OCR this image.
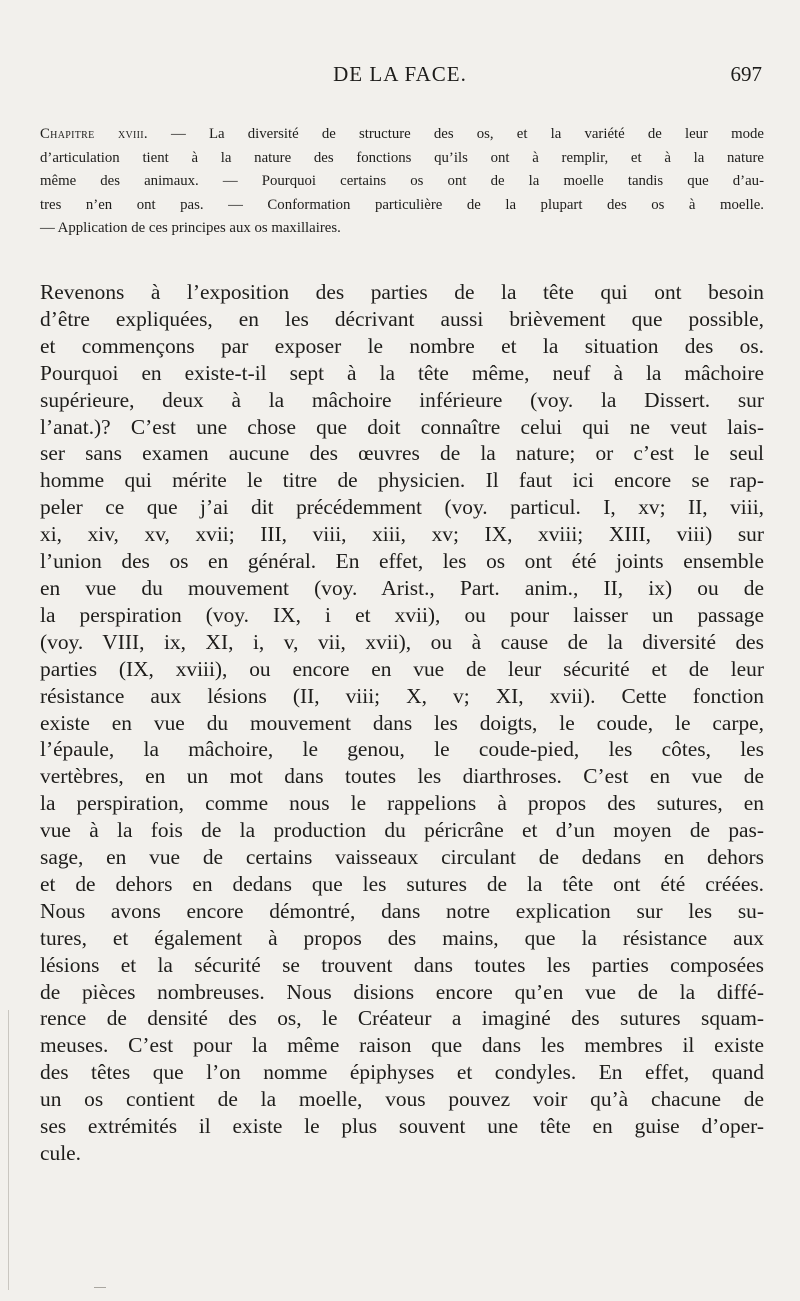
DE LA FACE.	697
Chapitre xviii. — La diversité de structure des os, et la variété de leur mode
d’articulation tient à la nature des fonctions qu’ils ont à remplir, et à la nature
même des animaux. — Pourquoi certains os ont de la moelle tandis que d’au-
tres n’en ont pas. — Conformation particulière de la plupart des os à moelle.
— Application de ces principes aux os maxillaires.
Revenons à l’exposition des parties de la tête qui ont besoin
d’être expliquées, en les décrivant aussi brièvement que possible,
et commençons par exposer le nombre et la situation des os.
Pourquoi en existe-t-il sept à la tête même, neuf à la mâchoire
supérieure, deux à la mâchoire inférieure (voy. la Dissert. sur
l’anat.)? C’est une chose que doit connaître celui qui ne veut lais-
ser sans examen aucune des œuvres de la nature; or c’est le seul
homme qui mérite le titre de physicien. Il faut ici encore se rap-
peler ce que j’ai dit précédemment (voy. particul. I, xv; II, viii,
xi, xiv, xv, xvii; III, viii, xiii, xv; IX, xviii; XIII, viii) sur
l’union des os en général. En effet, les os ont été joints ensemble
en vue du mouvement (voy. Arist., Part. anim., II, ix) ou de
la perspiration (voy. IX, i et xvii), ou pour laisser un passage
(voy. VIII, ix, XI, i, v, vii, xvii), ou à cause de la diversité des
parties (IX, xviii), ou encore en vue de leur sécurité et de leur
résistance aux lésions (II, viii; X, v; XI, xvii). Cette fonction
existe en vue du mouvement dans les doigts, le coude, le carpe,
l’épaule, la mâchoire, le genou, le coude-pied, les côtes, les
vertèbres, en un mot dans toutes les diarthroses. C’est en vue de
la perspiration, comme nous le rappelions à propos des sutures, en
vue à la fois de la production du péricrâne et d’un moyen de pas-
sage, en vue de certains vaisseaux circulant de dedans en dehors
et de dehors en dedans que les sutures de la tête ont été créées.
Nous avons encore démontré, dans notre explication sur les su-
tures, et également à propos des mains, que la résistance aux
lésions et la sécurité se trouvent dans toutes les parties composées
de pièces nombreuses. Nous disions encore qu’en vue de la diffé-
rence de densité des os, le Créateur a imaginé des sutures squam-
meuses. C’est pour la même raison que dans les membres il existe
des têtes que l’on nomme épiphyses et condyles. En effet, quand
un os contient de la moelle, vous pouvez voir qu’à chacune de
ses extrémités il existe le plus souvent une tête en guise d’oper-
cule.
